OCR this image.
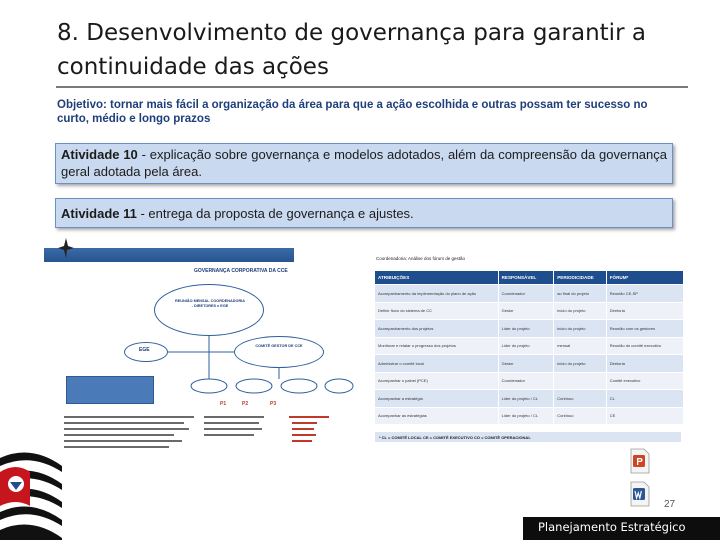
8. Desenvolvimento de governança para garantir a
continuidade das ações
Objetivo: tornar mais fácil a organização da área para que a ação escolhida e outras possam ter sucesso no curto, médio e longo prazos
Atividade 10 - explicação sobre governança e modelos adotados, além da compreensão da governança geral adotada pela área.
Atividade 11 - entrega da proposta de governança e ajustes.
GOVERNANÇA CORPORATIVA DA CCE
REUNIÃO MENSAL COORDENADORIA - DIRETORES e EGE
EGE
COMITÊ GESTOR DE CCE
P1	P2	P3
Coordenadoria: Análise dos fórum de gestão
ATRIBUIÇÕES	RESPONSÁVEL	PERIODICIDADE	FÓRUM*
Acompanhamento da implementação do plano de ação	Coordenador	ao final do projeto	Reunião CE-SP
Definir fluxo do sistema de CC	Gestor	início do projeto	Diretoria
Acompanhamento dos projetos	Líder do projeto	início do projeto	Reunião com os gestores
Monitorar e relatar o progresso dos projetos	Líder do projeto	mensal	Reunião do comitê executivo
Administrar o comitê local	Gestor	início do projeto	Diretoria
Acompanhar o painel (PCE)	Coordenador		Comitê executivo
Acompanhar a estratégia	Líder do projeto / CL	Contínuo	CL
Acompanhar as estratégias	Líder do projeto / CL	Contínuo	CE
* CL = COMITÊ LOCAL CE = COMITÊ EXECUTIVO CO = COMITÊ OPERACIONAL
27
Planejamento Estratégico
